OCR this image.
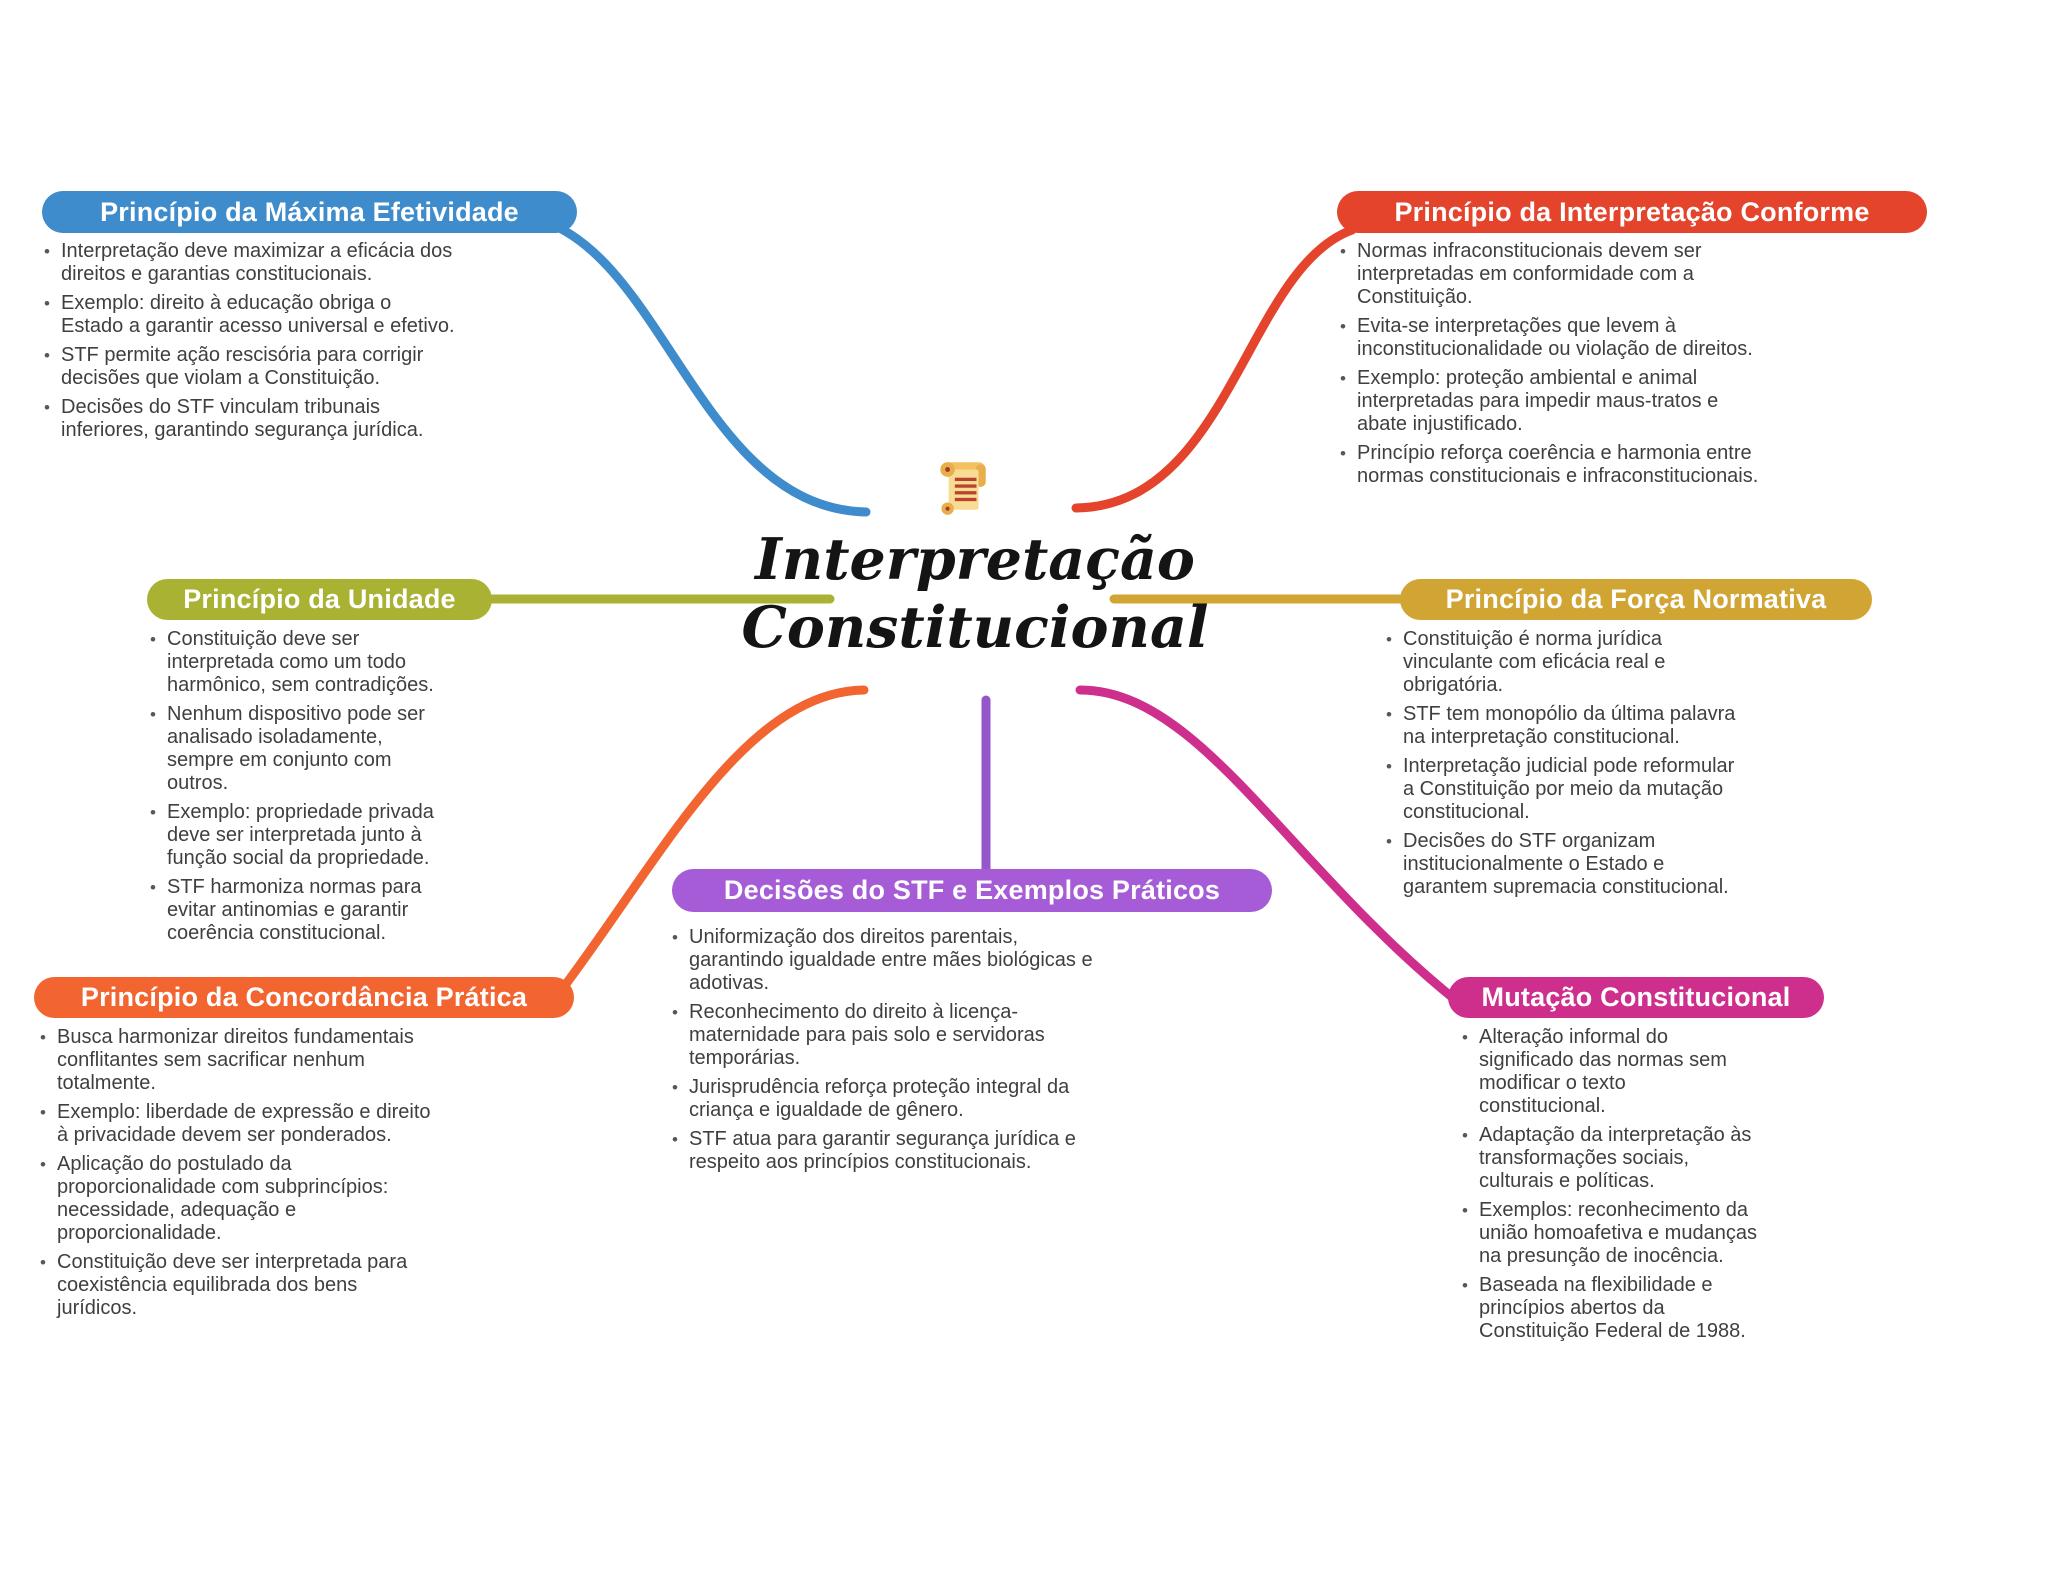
Interpretação
Constitucional
Princípio da Máxima Efetividade	Princípio da Interpretação Conforme
Princípio da Unidade	Princípio da Força Normativa
Princípio da Concordância Prática	Mutação Constitucional
Decisões do STF e Exemplos Práticos
•
Interpretação deve maximizar a eficácia dos direitos e garantias constitucionais.
•
Exemplo: direito à educação obriga o Estado a garantir acesso universal e efetivo.
•
STF permite ação rescisória para corrigir decisões que violam a Constituição.
•
Decisões do STF vinculam tribunais inferiores, garantindo segurança jurídica.
•
Normas infraconstitucionais devem ser interpretadas em conformidade com a Constituição.
•
Evita-se interpretações que levem à inconstitucionalidade ou violação de direitos.
•
Exemplo: proteção ambiental e animal interpretadas para impedir maus-tratos e abate injustificado.
•
Princípio reforça coerência e harmonia entre normas constitucionais e infraconstitucionais.
•
Constituição deve ser interpretada como um todo harmônico, sem contradições.
•
Nenhum dispositivo pode ser analisado isoladamente, sempre em conjunto com outros.
•
Exemplo: propriedade privada deve ser interpretada junto à função social da propriedade.
•
STF harmoniza normas para evitar antinomias e garantir coerência constitucional.
•
Constituição é norma jurídica vinculante com eficácia real e obrigatória.
•
STF tem monopólio da última palavra na interpretação constitucional.
•
Interpretação judicial pode reformular a Constituição por meio da mutação constitucional.
•
Decisões do STF organizam institucionalmente o Estado e garantem supremacia constitucional.
•
Busca harmonizar direitos fundamentais conflitantes sem sacrificar nenhum totalmente.
•
Exemplo: liberdade de expressão e direito à privacidade devem ser ponderados.
•
Aplicação do postulado da proporcionalidade com subprincípios: necessidade, adequação e proporcionalidade.
•
Constituição deve ser interpretada para coexistência equilibrada dos bens jurídicos.
•
Alteração informal do significado das normas sem modificar o texto constitucional.
•
Adaptação da interpretação às transformações sociais, culturais e políticas.
•
Exemplos: reconhecimento da união homoafetiva e mudanças na presunção de inocência.
•
Baseada na flexibilidade e princípios abertos da Constituição Federal de 1988.
•
Uniformização dos direitos parentais, garantindo igualdade entre mães biológicas e adotivas.
•
Reconhecimento do direito à licença-maternidade para pais solo e servidoras temporárias.
•
Jurisprudência reforça proteção integral da criança e igualdade de gênero.
•
STF atua para garantir segurança jurídica e respeito aos princípios constitucionais.
